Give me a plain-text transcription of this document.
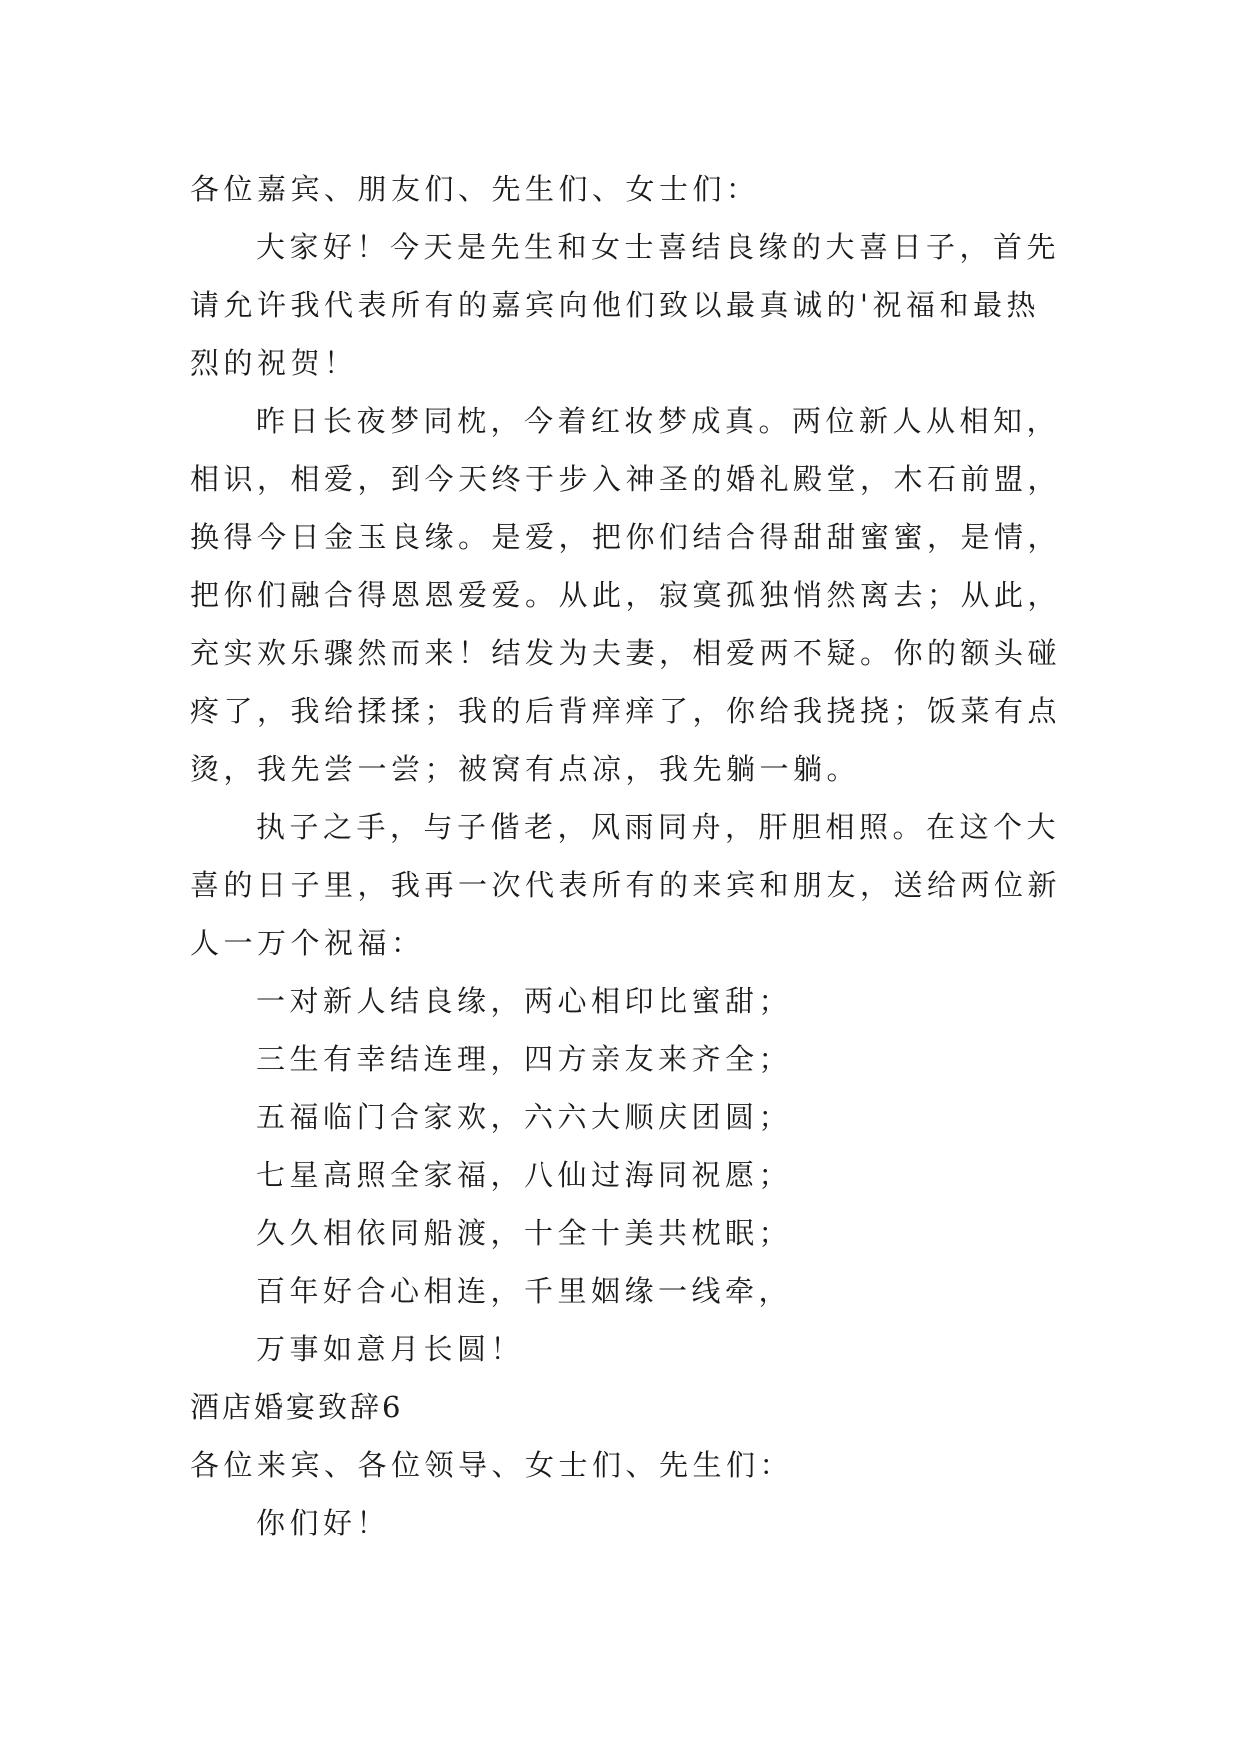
各位嘉宾、朋友们、先生们、女士们：

大家好！今天是先生和女士喜结良缘的大喜日子，首先

请允许我代表所有的嘉宾向他们致以最真诚的'祝福和最热

烈的祝贺！

昨日长夜梦同枕，今着红妆梦成真。两位新人从相知，

相识，相爱，到今天终于步入神圣的婚礼殿堂，木石前盟，

换得今日金玉良缘。是爱，把你们结合得甜甜蜜蜜，是情，

把你们融合得恩恩爱爱。从此，寂寞孤独悄然离去；从此，

充实欢乐骤然而来！结发为夫妻，相爱两不疑。你的额头碰

疼了，我给揉揉；我的后背痒痒了，你给我挠挠；饭菜有点

烫，我先尝一尝；被窝有点凉，我先躺一躺。

执子之手，与子偕老，风雨同舟，肝胆相照。在这个大

喜的日子里，我再一次代表所有的来宾和朋友，送给两位新

人一万个祝福：

一对新人结良缘，两心相印比蜜甜；

三生有幸结连理，四方亲友来齐全；

五福临门合家欢，六六大顺庆团圆；

七星高照全家福，八仙过海同祝愿；

久久相依同船渡，十全十美共枕眠；

百年好合心相连，千里姻缘一线牵，

万事如意月长圆！

酒店婚宴致辞6

各位来宾、各位领导、女士们、先生们：

你们好！
